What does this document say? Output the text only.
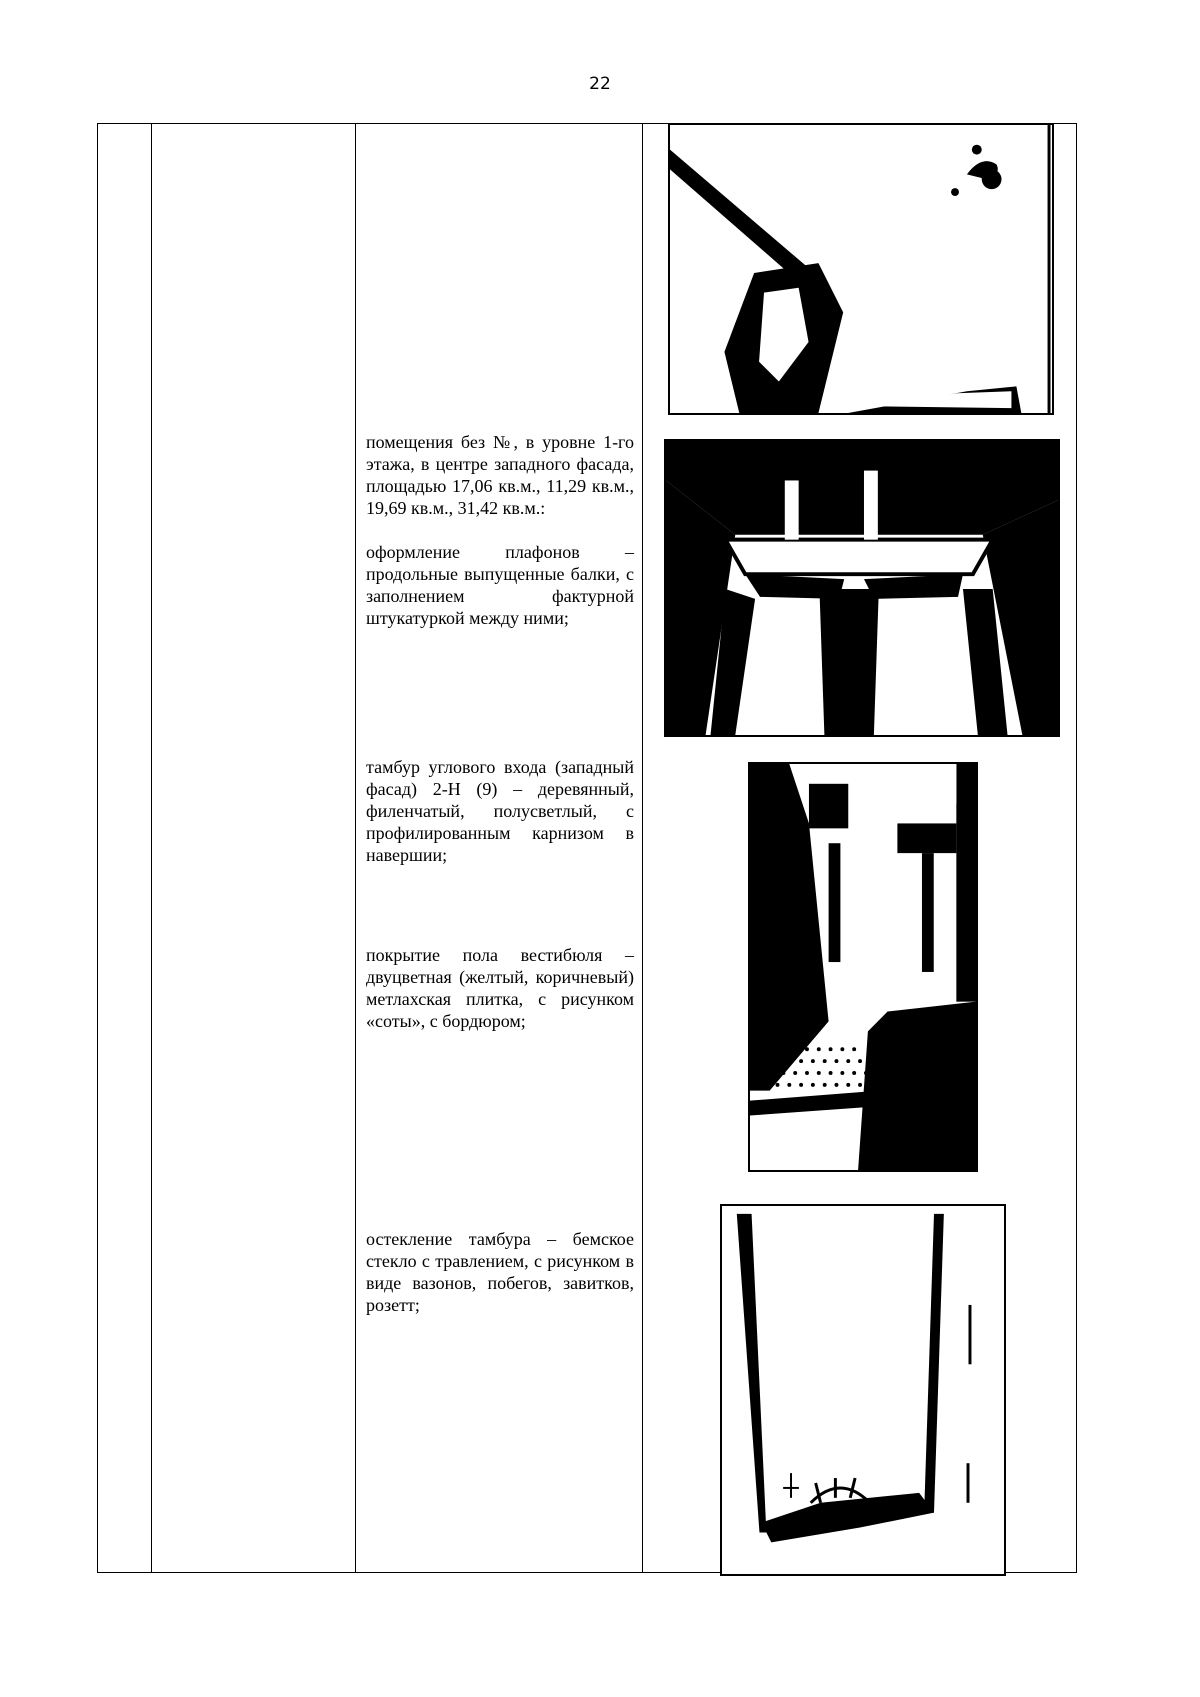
22

помещения без №, в уровне 1-го этажа, в центре западного фасада, площадью 17,06 кв.м., 11,29 кв.м., 19,69 кв.м., 31,42 кв.м.:

оформление плафонов – продольные выпущенные балки, с заполнением фактурной штукатуркой между ними;

тамбур углового входа (западный фасад) 2-Н (9) – деревянный, филенчатый, полусветлый, с профилированным карнизом в навершии;

покрытие пола вестибюля – двуцветная (желтый, коричневый) метлахская плитка, с рисунком «соты», с бордюром;

остекление тамбура – бемское стекло с травлением, с рисунком в виде вазонов, побегов, завитков, розетт;
